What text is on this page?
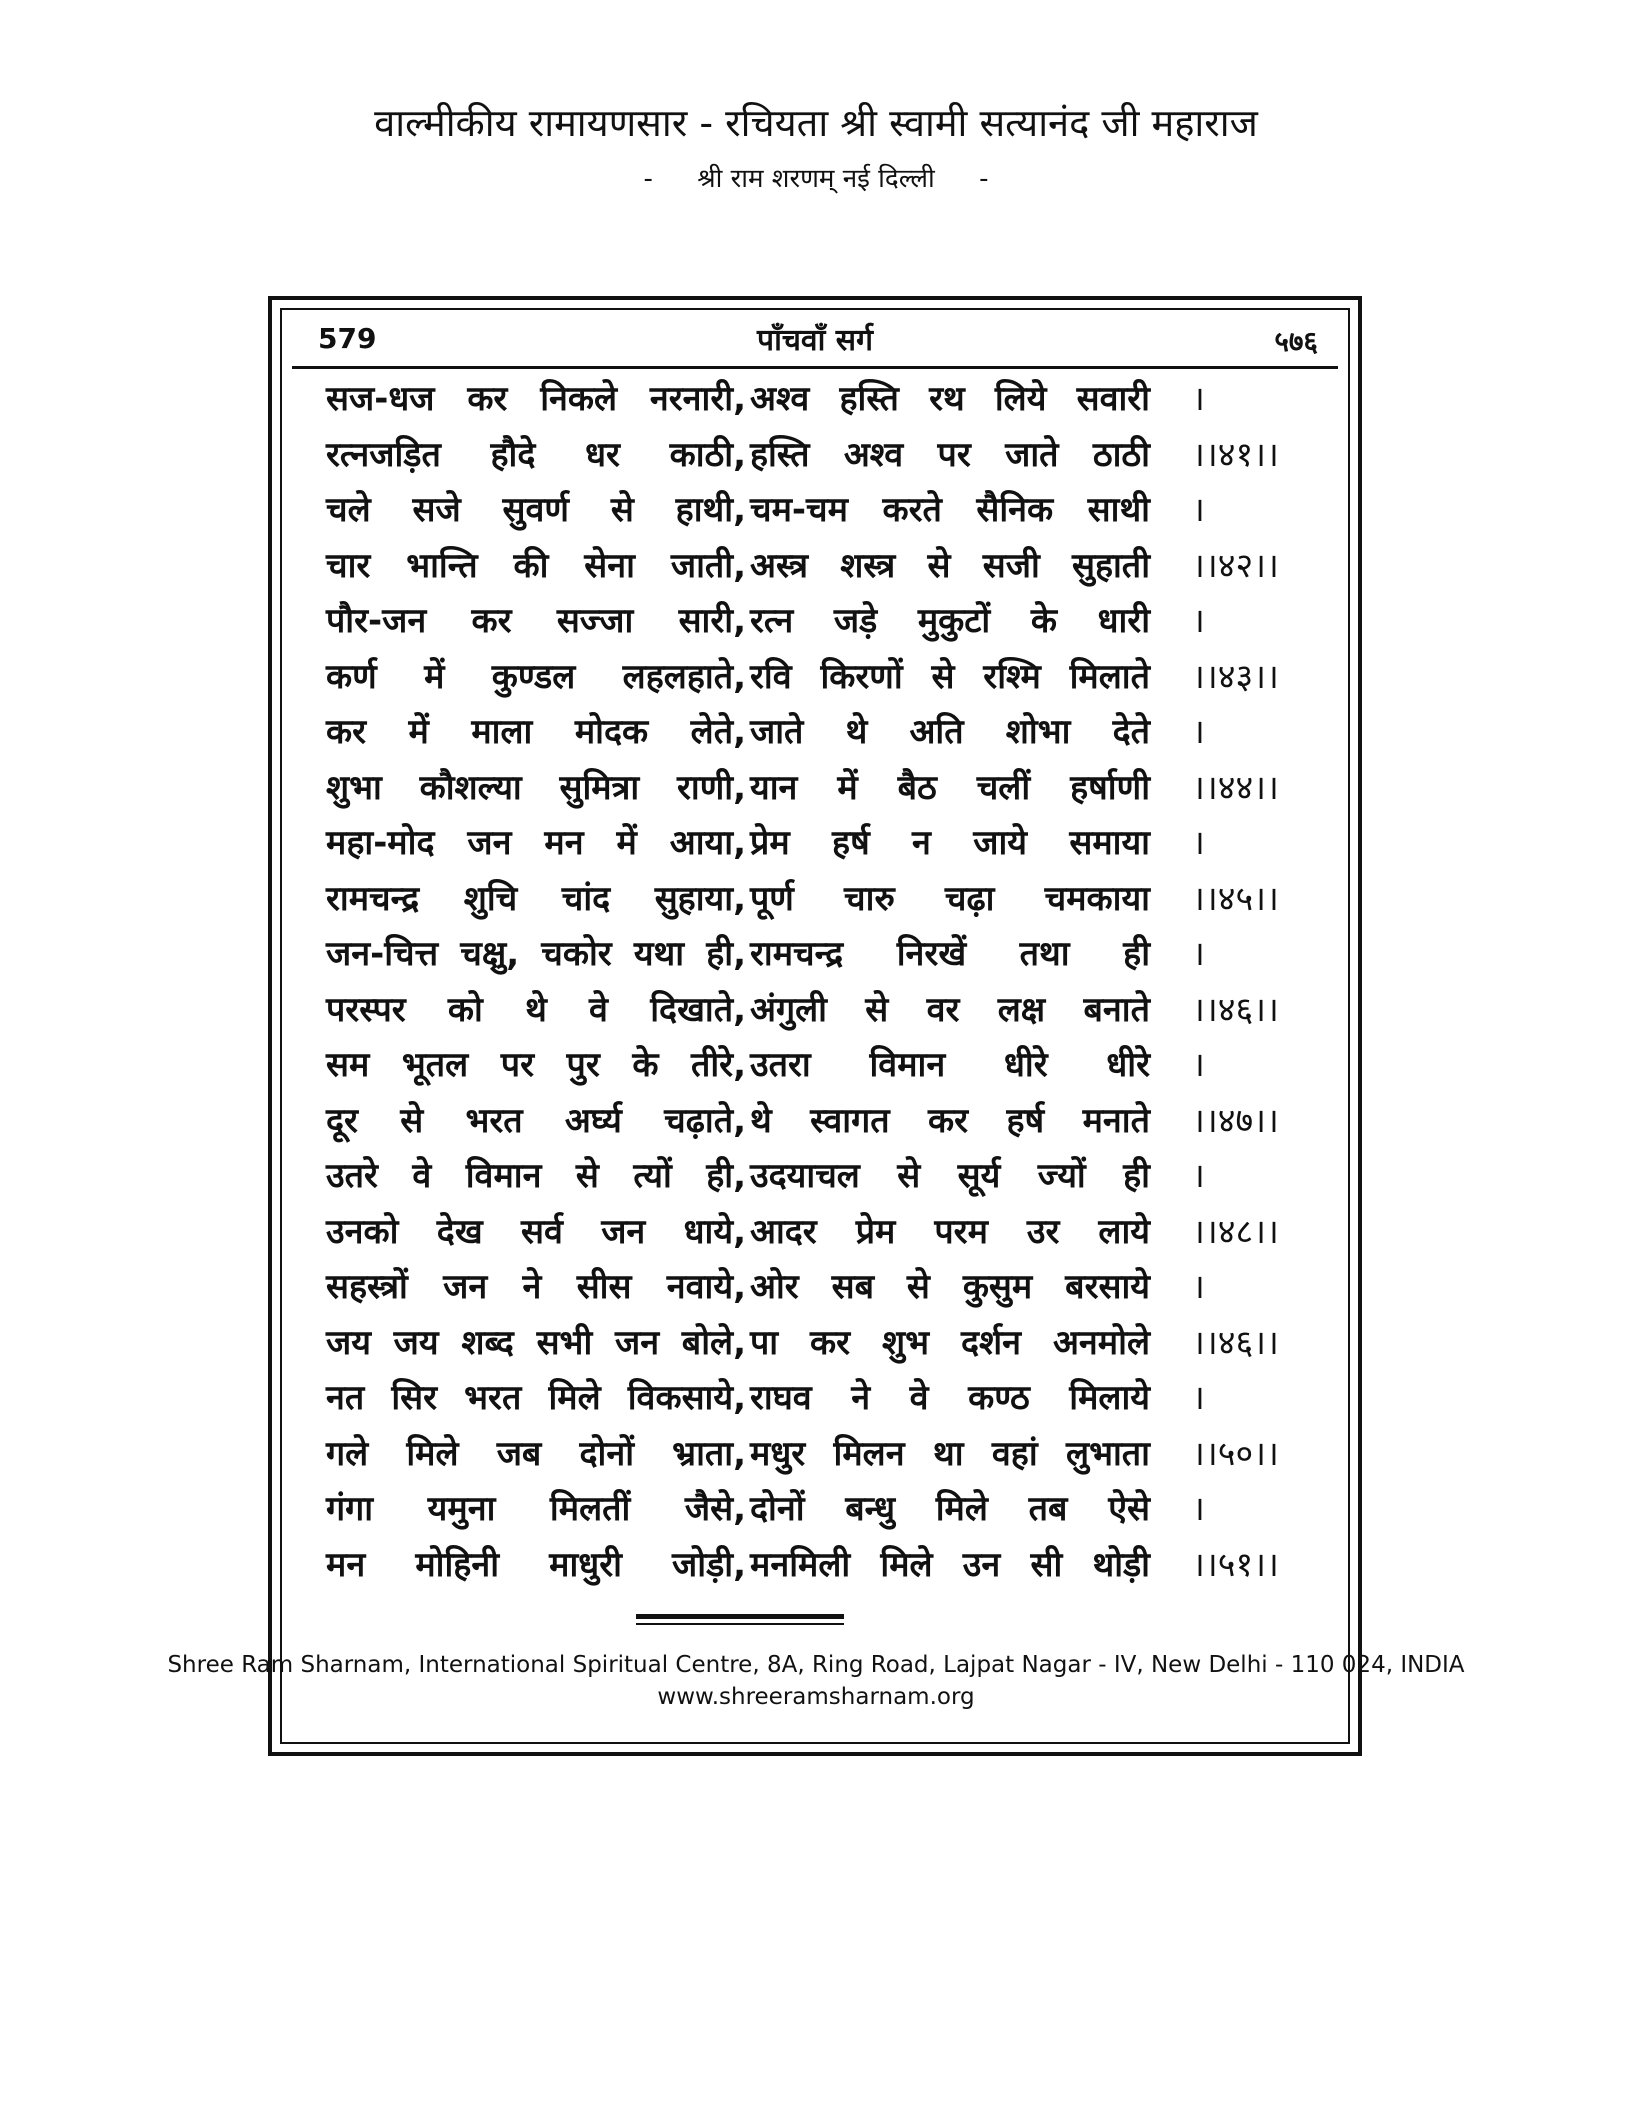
वाल्मीकीय रामायणसार - रचियता श्री स्वामी सत्यानंद जी महाराज
- श्री राम शरणम् नई दिल्ली -
579	पाँचवाँ सर्ग	५७६
सज-धज कर निकले नरनारी, अश्व हस्ति रथ लिये सवारी ।
रत्नजड़ित हौदे धर काठी, हस्ति अश्व पर जाते ठाठी ।।४१।।
चले सजे सुवर्ण से हाथी, चम-चम करते सैनिक साथी ।
चार भान्ति की सेना जाती, अस्त्र शस्त्र से सजी सुहाती ।।४२।।
पौर-जन कर सज्जा सारी, रत्न जड़े मुकुटों के धारी ।
कर्ण में कुण्डल लहलहाते, रवि किरणों से रश्मि मिलाते ।।४३।।
कर में माला मोदक लेते, जाते थे अति शोभा देते ।
शुभा कौशल्या सुमित्रा राणी, यान में बैठ चलीं हर्षाणी ।।४४।।
महा-मोद जन मन में आया, प्रेम हर्ष न जाये समाया ।
रामचन्द्र शुचि चांद सुहाया, पूर्ण चारु चढ़ा चमकाया ।।४५।।
जन-चित्त चक्षु, चकोर यथा ही, रामचन्द्र निरखें तथा ही ।
परस्पर को थे वे दिखाते, अंगुली से वर लक्ष बनाते ।।४६।।
सम भूतल पर पुर के तीरे, उतरा विमान धीरे धीरे ।
दूर से भरत अर्घ्य चढ़ाते, थे स्वागत कर हर्ष मनाते ।।४७।।
उतरे वे विमान से त्यों ही, उदयाचल से सूर्य ज्यों ही ।
उनको देख सर्व जन धाये, आदर प्रेम परम उर लाये ।।४८।।
सहस्त्रों जन ने सीस नवाये, ओर सब से कुसुम बरसाये ।
जय जय शब्द सभी जन बोले, पा कर शुभ दर्शन अनमोले ।।४६।।
नत सिर भरत मिले विकसाये, राघव ने वे कण्ठ मिलाये ।
गले मिले जब दोनों भ्राता, मधुर मिलन था वहां लुभाता ।।५०।।
गंगा यमुना मिलतीं जैसे, दोनों बन्धु मिले तब ऐसे ।
मन मोहिनी माधुरी जोड़ी, मनमिली मिले उन सी थोड़ी ।।५१।।
Shree Ram Sharnam, International Spiritual Centre, 8A, Ring Road, Lajpat Nagar - IV, New Delhi - 110 024, INDIA
www.shreeramsharnam.org
